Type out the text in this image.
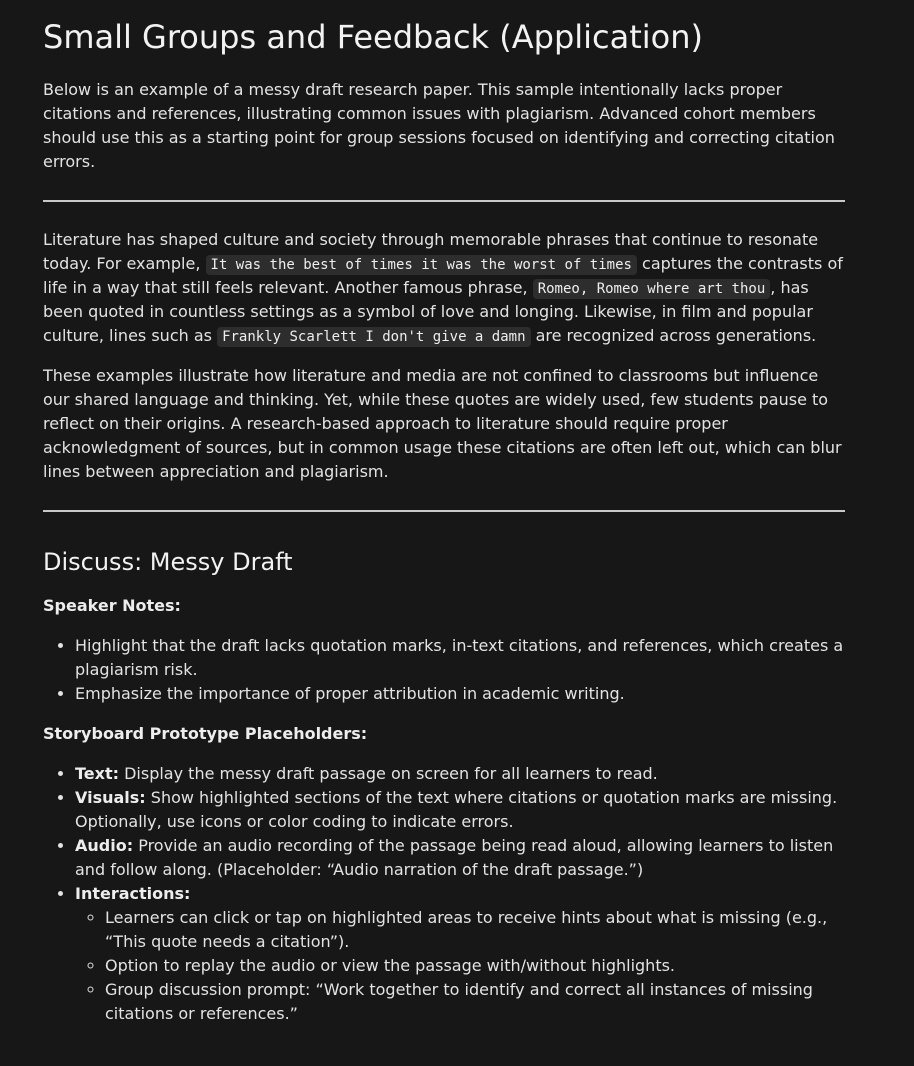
Small Groups and Feedback (Application)

Below is an example of a messy draft research paper. This sample intentionally lacks proper citations and references, illustrating common issues with plagiarism. Advanced cohort members should use this as a starting point for group sessions focused on identifying and correcting citation errors.

Literature has shaped culture and society through memorable phrases that continue to resonate today. For example, It was the best of times it was the worst of times captures the contrasts of life in a way that still feels relevant. Another famous phrase, Romeo, Romeo where art thou , has been quoted in countless settings as a symbol of love and longing. Likewise, in film and popular culture, lines such as Frankly Scarlett I don't give a damn are recognized across generations.

These examples illustrate how literature and media are not confined to classrooms but influence our shared language and thinking. Yet, while these quotes are widely used, few students pause to reflect on their origins. A research-based approach to literature should require proper acknowledgment of sources, but in common usage these citations are often left out, which can blur lines between appreciation and plagiarism.

Discuss: Messy Draft

Speaker Notes:

• Highlight that the draft lacks quotation marks, in-text citations, and references, which creates a plagiarism risk.
• Emphasize the importance of proper attribution in academic writing.

Storyboard Prototype Placeholders:

• Text: Display the messy draft passage on screen for all learners to read.
• Visuals: Show highlighted sections of the text where citations or quotation marks are missing. Optionally, use icons or color coding to indicate errors.
• Audio: Provide an audio recording of the passage being read aloud, allowing learners to listen and follow along. (Placeholder: “Audio narration of the draft passage.”)
• Interactions:
◦ Learners can click or tap on highlighted areas to receive hints about what is missing (e.g., “This quote needs a citation”).
◦ Option to replay the audio or view the passage with/without highlights.
◦ Group discussion prompt: “Work together to identify and correct all instances of missing citations or references.”
